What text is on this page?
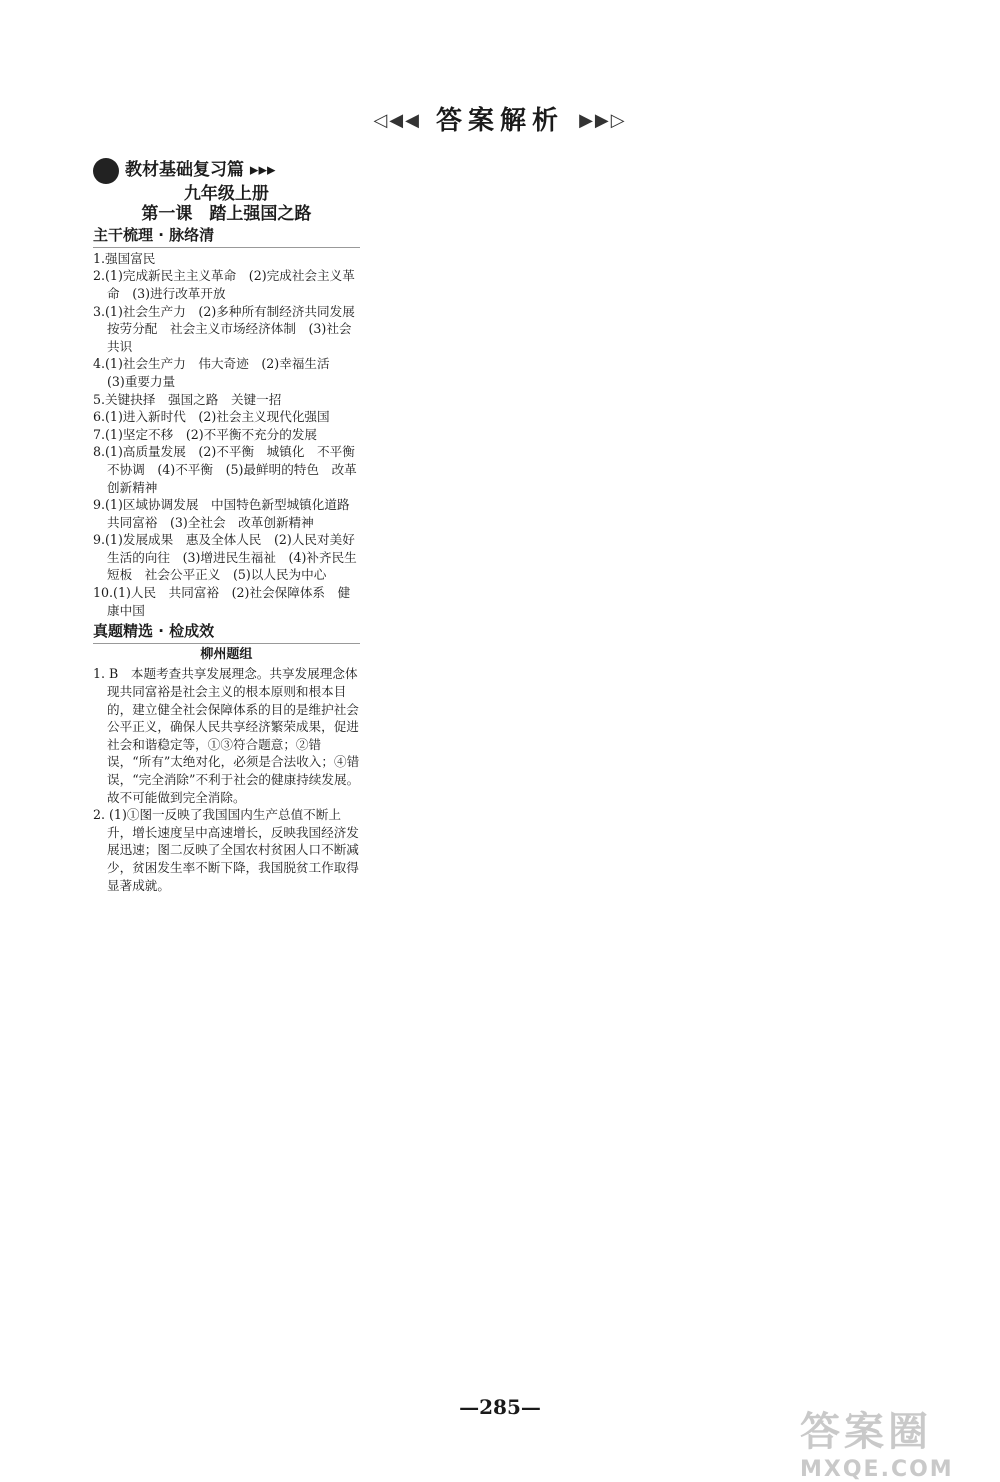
◁◀◀ 答案解析 ▶▶▷
教材基础复习篇 ▸▸▸
九年级上册
第一课　踏上强国之路
主干梳理 · 脉络清

1.强国富民

2.(1)完成新民主主义革命　(2)完成社会主义革命　(3)进行改革开放

3.(1)社会生产力　(2)多种所有制经济共同发展　按劳分配　社会主义市场经济体制　(3)社会共识

4.(1)社会生产力　伟大奇迹　(2)幸福生活　(3)重要力量

5.关键抉择　强国之路　关键一招

6.(1)进入新时代　(2)社会主义现代化强国

7.(1)坚定不移　(2)不平衡不充分的发展

8.(1)高质量发展　(2)不平衡　城镇化　不平衡不协调　(4)不平衡　(5)最鲜明的特色　改革创新精神

9.(1)区域协调发展　中国特色新型城镇化道路　共同富裕　(3)全社会　改革创新精神

9.(1)发展成果　惠及全体人民　(2)人民对美好生活的向往　(3)增进民生福祉　(4)补齐民生短板　社会公平正义　(5)以人民为中心

10.(1)人民　共同富裕　(2)社会保障体系　健康中国

真题精选 · 检成效
柳州题组

1. B　本题考查共享发展理念。共享发展理念体现共同富裕是社会主义的根本原则和根本目的，建立健全社会保障体系的目的是维护社会公平正义，确保人民共享经济繁荣成果，促进社会和谐稳定等，①③符合题意；②错误，“所有”太绝对化，必须是合法收入；④错误，“完全消除”不利于社会的健康持续发展。故不可能做到完全消除。

2. (1)①图一反映了我国国内生产总值不断上升，增长速度呈中高速增长，反映我国经济发展迅速；图二反映了全国农村贫困人口不断减少，贫困发生率不断下降，我国脱贫工作取得显著成就。

—285—
答案圈
MXQE.COM
